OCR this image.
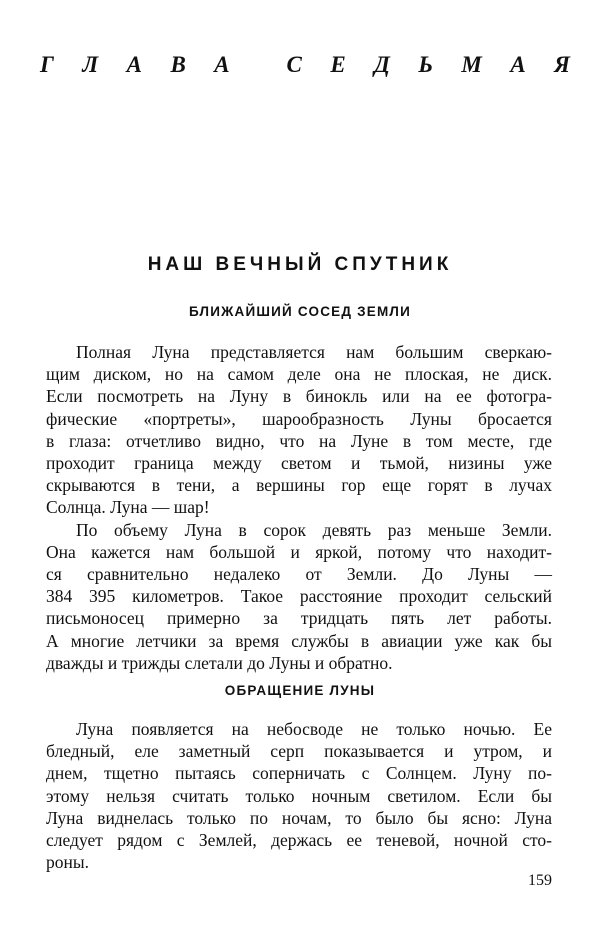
Г Л А В А С Е Д Ь М А Я
НАШ ВЕЧНЫЙ СПУТНИК
БЛИЖАЙШИЙ СОСЕД ЗЕМЛИ

Полная Луна представляется нам большим сверкаю-
щим диском, но на самом деле она не плоская, не диск.
Если посмотреть на Луну в бинокль или на ее фотогра-
фические «портреты», шарообразность Луны бросается
в глаза: отчетливо видно, что на Луне в том месте, где
проходит граница между светом и тьмой, низины уже
скрываются в тени, а вершины гор еще горят в лучах
Солнца. Луна — шар!
По объему Луна в сорок девять раз меньше Земли.
Она кажется нам большой и яркой, потому что находит-
ся сравнительно недалеко от Земли. До Луны —
384 395 километров. Такое расстояние проходит сельский
письмоносец примерно за тридцать пять лет работы.
А многие летчики за время службы в авиации уже как бы
дважды и трижды слетали до Луны и обратно.

ОБРАЩЕНИЕ ЛУНЫ

Луна появляется на небосводе не только ночью. Ее
бледный, еле заметный серп показывается и утром, и
днем, тщетно пытаясь соперничать с Солнцем. Луну по-
этому нельзя считать только ночным светилом. Если бы
Луна виднелась только по ночам, то было бы ясно: Луна
следует рядом с Землей, держась ее теневой, ночной сто-
роны.

159
